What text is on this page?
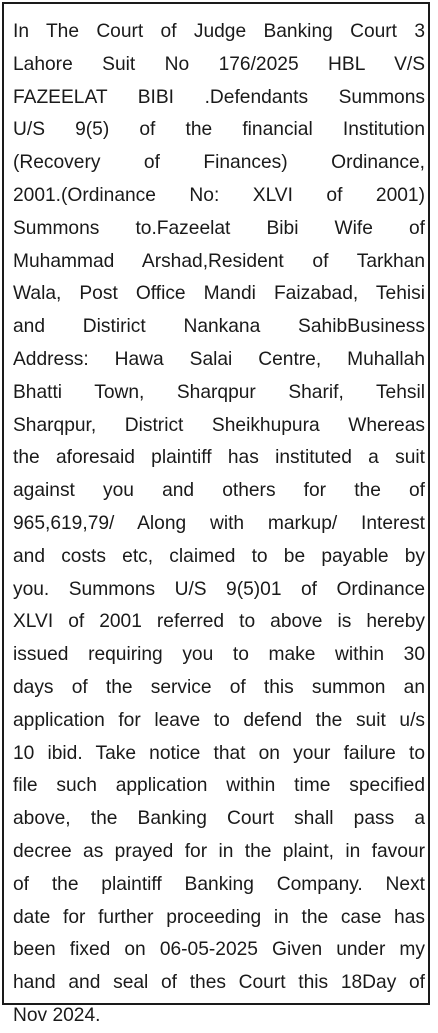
In The Court of Judge Banking Court 3
Lahore Suit No 176/2025 HBL V/S
FAZEELAT BIBI .Defendants Summons
U/S 9(5) of the financial Institution
(Recovery of Finances) Ordinance,
2001.(Ordinance No: XLVI of 2001)
Summons to.Fazeelat Bibi Wife of
Muhammad Arshad,Resident of Tarkhan
Wala, Post Office Mandi Faizabad, Tehisi
and Distirict Nankana SahibBusiness
Address: Hawa Salai Centre, Muhallah
Bhatti Town, Sharqpur Sharif, Tehsil
Sharqpur, District Sheikhupura Whereas
the aforesaid plaintiff has instituted a suit
against you and others for the of
965,619,79/ Along with markup/ Interest
and costs etc, claimed to be payable by
you. Summons U/S 9(5)01 of Ordinance
XLVI of 2001 referred to above is hereby
issued requiring you to make within 30
days of the service of this summon an
application for leave to defend the suit u/s
10 ibid. Take notice that on your failure to
file such application within time specified
above, the Banking Court shall pass a
decree as prayed for in the plaint, in favour
of the plaintiff Banking Company. Next
date for further proceeding in the case has
been fixed on 06-05-2025 Given under my
hand and seal of thes Court this 18Day of
Nov 2024.
